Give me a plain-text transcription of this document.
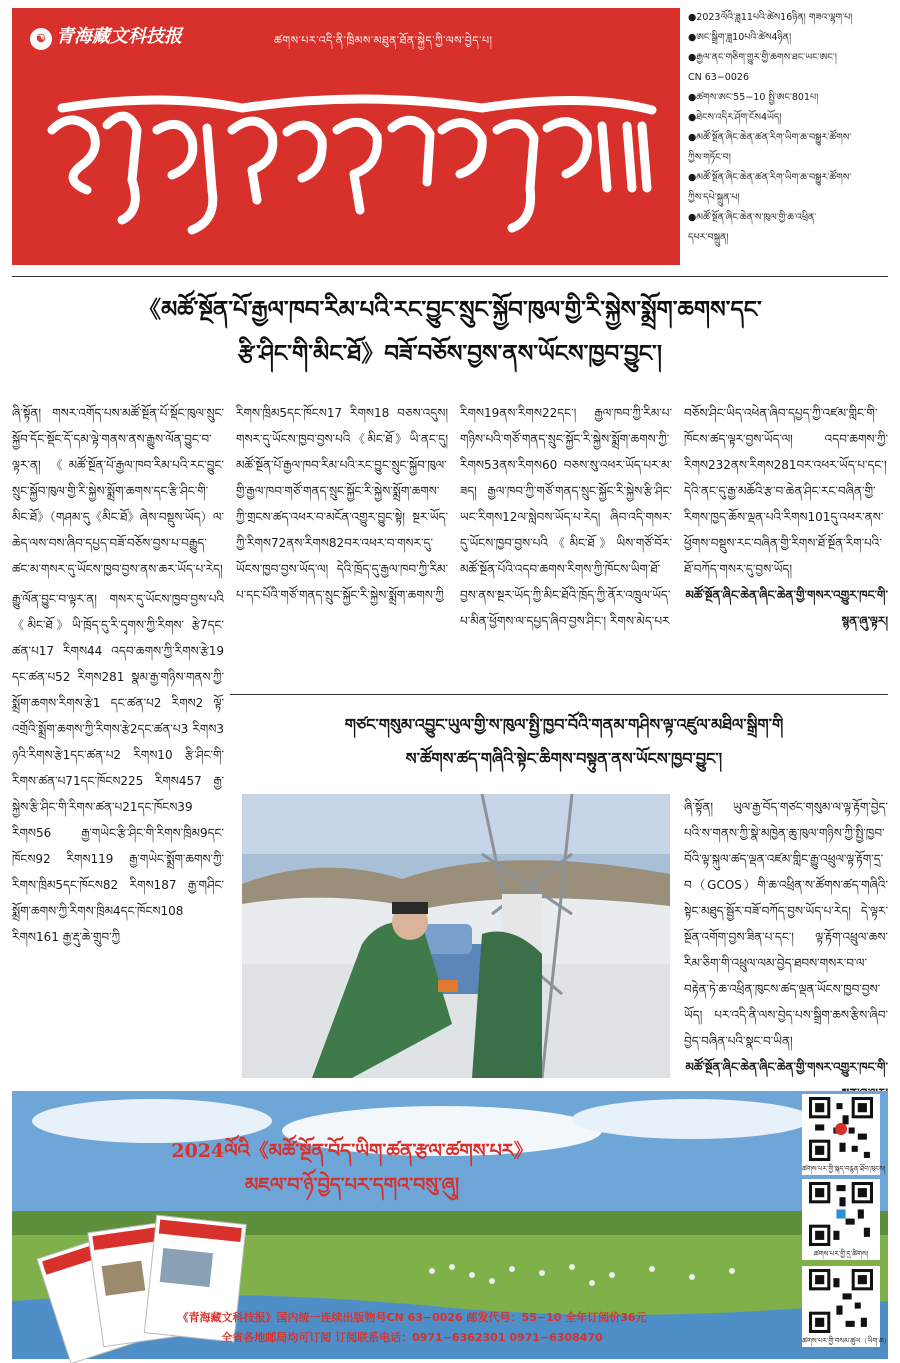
☯ 青海藏文科技报	ཚགས་པར་འདི་ནི་ཁྲིམས་མཐུན་ཐོན་སྐྱེད་ཀྱི་ལས་བྱེད་པ།
●2023ལོའི་ཟླ11པའི་ཚེས16ཉིན། གཟའ་ལྷག་པ།
●ཨང་སྒྲིག་ཟླ10པའི་ཚེས4ཉིན།
●རྒྱལ་ནང་གཅིག་གྱུར་གྱི་ཆགས་ཐང་ཡང་ཨང་།
CN 63−0026
●ཚགས་ཨང་55−10 སྤྱི་ཨང་801པ།
●ཐེངས་འདིར་ཤོག་ངོས4ཡོད།
●མཚོ་སྔོན་ཞིང་ཆེན་ཚན་རིག་ཡིག་ཆ་བསྒྱུར་ཚོགས་
ཀྱིས་གཏོང་བ།
●མཚོ་སྔོན་ཞིང་ཆེན་ཚན་རིག་ཡིག་ཆ་བསྒྱུར་ཚོགས་
ཀྱིས་དཔེ་སྐྲུན་པ།
●མཚོ་སྔོན་ཞིང་ཆེན་ས་ཁུལ་གྱི་ཆ་འཕྲིན་
དཔར་བསྐྲུན།
《མཚོ་སྔོན་པོ་རྒྱལ་ཁབ་རིམ་པའི་རང་བྱུང་སྲུང་སྐྱོབ་ཁུལ་གྱི་རི་སྐྱེས་སྨྲོག་ཆགས་དང་
རྩི་ཤིང་གི་མིང་ཐོ》བཟོ་བཅོས་བྱས་ནས་ཡོངས་ཁྱབ་བྱུང་།

ཞི་སྟོན། གསར་འགོད་པས་མཚོ་སྔོན་པོ་སྡོང་ཁུལ་སྲུང་སྐྱོབ་དོང་སྡོང་དོ་དམ་ལྟེ་གནས་ནས་རྒྱུས་ལོན་བྱུང་བ་ལྟར་ན། 《མཚོ་སྔོན་པོ་རྒྱལ་ཁབ་རིམ་པའི་རང་བྱུང་སྲུང་སྐྱོབ་ཁུལ་གྱི་རི་སྐྱེས་སྨྲོག་ཆགས་དང་རྩི་ཤིང་གི་མིང་ཐོ》（གཤམ་དུ《མིང་ཐོ》ཞེས་བསྡུས་ཡོད）ལ་ཆེད་ལས་བས་ཞིབ་དཔྱད་བཟོ་བཅོས་བྱས་པ་བརྒྱུད་ཚང་མ་གསར་དུ་ཡོངས་ཁྱབ་བྱས་ནས་ཆར་ཡོད་པ་རེད།

རྒྱུ་ལོན་བྱུང་བ་ལྟར་ན། གསར་དུ་ཡོངས་ཁྱབ་བྱས་པའི《མིང་ཐོ》ཡི་ཁྲོད་དུ་རི་དྭགས་ཀྱི་རིགས་ རྩེ7དང་ཚན་པ17 རིགས44 འདབ་ཆགས་ཀྱི་རིགས་རྩེ19 དང་ཚན་པ52 རིགས281 སྣམ་རྒྱ་གཉིས་གནས་ཀྱི་སྨྲོག་ཆགས་རིགས་རྩེ1 དང་ཚན་པ2 རིགས2 ལྟོ་འགྲོའི་སྨྲོག་ཆགས་ཀྱི་རིགས་རྩེ2དང་ཚན་པ3 རིགས3 ཉའི་རིགས་རྩེ1དང་ཚན་པ2 རིགས10 རྩི་ཤིང་གི་རིགས་ཚན་པ71དང་ཁོངས225 རིགས457 རྒྱ་སྐྱེས་རྩི་ཤིང་གི་རིགས་ཚན་པ21དང་ཁོངས39 རིགས56 རྒྱ་གཡེང་རྩི་ཤིང་གི་རིགས་ཁྲིམ9དང་ཁོངས92 རིགས119 རྒྱ་གཡེང་སྨྲོག་ཆགས་ཀྱི་རིགས་ཁྲིམ5དང་ཁོངས82 རིགས187 རྒྱ་གཤིང་སྨྲོག་ཆགས་ཀྱི་རིགས་ཁྲིམ4དང་ཁོངས108 རིགས161 རྒྱ་རྡུ་ཆེ་གྲུབ་ཀྱི

རིགས་ཁྲིམ5དང་ཁོངས17 རིགས18 བཅས་འདུས། གསར་དུ་ཡོངས་ཁྱབ་བྱས་པའི《མིང་ཐོ》ཡི་ནང་དུ། མཚོ་སྔོན་པོ་རྒྱལ་ཁབ་རིམ་པའི་རང་བྱུང་སྲུང་སྐྱོབ་ཁུལ་གྱི་རྒྱལ་ཁབ་གཙོ་གནད་སྲུང་སྐྱོང་རི་སྐྱེས་སྨྲོག་ཆགས་ཀྱི་གྲངས་ཚད་འཕར་བ་མངོན་འགྱུར་བྱུང་སྟེ། སྔར་ཡོད་ཀྱི་རིགས72ནས་རིགས82བར་འཕར་བ་གསར་དུ་ཡོངས་ཁྱབ་བྱས་ཡོད་ལ། དེའི་ཁྲོད་དུ་རྒྱལ་ཁབ་ཀྱི་རིམ་པ་དང་པོའི་གཙོ་གནད་སྲུང་སྐྱོང་རི་སྐྱེས་སྨྲོག་ཆགས་ཀྱི

རིགས19ནས་རིགས22དང་། རྒྱལ་ཁབ་ཀྱི་རིམ་པ་གཉིས་པའི་གཙོ་གནད་སྲུང་སྐྱོང་རི་སྐྱེས་སྨྲོག་ཆགས་ཀྱི་རིགས53ནས་རིགས60 བཅས་སུ་འཕར་ཡོད་པར་མ་ཟད། རྒྱལ་ཁབ་ཀྱི་གཙོ་གནད་སྲུང་སྐྱོང་རི་སྐྱེས་རྩི་ཤིང་ཡང་རིགས12ལ་སླེབས་ཡོད་པ་རེད། ཞིབ་འདི་གསར་དུ་ཡོངས་ཁྱབ་བྱས་པའི《མིང་ཐོ》ཡིས་གཙོ་བོར་མཚོ་སྔོན་པོའི་འདབ་ཆགས་རིགས་ཀྱི་ཁོངས་ཡིག་ཐོ་བྱས་ནས་སྔར་ཡོད་ཀྱི་མིང་ཐོའི་ཁྲོད་ཀྱི་ནོར་འཁྲུལ་ཡོད་པ་མིན་ཕྱོགས་ལ་དཔྱད་ཞིབ་བྱས་ཤིང་། རིགས་མེད་པར

བཅོས་ཤིང་ཡིད་འཕེན་ཞིབ་དཔྱད་ཀྱི་འཛམ་གླིང་གི་ཁོངས་ཚད་ལྟར་བྱས་ཡོད་ལ། འདབ་ཆགས་ཀྱི་རིགས232ནས་རིགས281བར་འཕར་ཡོད་པ་དང་། དེའི་ནང་དུ་རྒྱ་མཆོའི་རྩ་བ་ཆེན་ཤིང་རང་བཞིན་གྱི་རིགས་ཁྱད་ཆོས་ལྡན་པའི་རིགས101དུ་འཕར་ནས་ཕྱོགས་བསྡུས་རང་བཞིན་གྱི་རིགས་ཐོ་སྔོན་རིག་པའི་ཐོ་བཀོད་གསར་དུ་བྱས་ཡོད།

མཚོ་སྔོན་ཞིང་ཆེན་ཞིང་ཆེན་གྱི་གསར་འགྱུར་ཁང་གི་སྙན་ཞུ་ལྟར།

གཙང་གསུམ་འབྱུང་ཡུལ་གྱི་ས་ཁུལ་སྤྱི་ཁྱབ་བོའི་གནམ་གཤིས་ལྟ་འཛུལ་མཐིལ་སྒྲིག་གི
ས་ཚོགས་ཚད་གཞིའི་སྟེང་ཆིགས་བསྟུན་ནས་ཡོངས་ཁྱབ་བྱུང་།

ཞི་སྟོན། ཡུལ་རྒྱ་བོད་གཙང་གསུམ་ལ་ལྟ་རྟོག་བྱེད་པའི་ས་གནས་ཀྱི་སྣེ་མཁྱེན་ཆུ་ཁུལ་གཉིས་ཀྱི་སྤྱི་ཁྱབ་བོའི་ལྟ་སྐུལ་ཚད་ལྡན་འཛམ་གླིང་རྒྱུ་འཕྲུལ་ལྟ་རྟོག་དྲ་བ（GCOS）གི་ཆ་འཕྲིན་ས་ཚོགས་ཚད་གཞིའི་སྟེང་མཐུད་སྦྱོར་བཟོ་བཀོད་བྱས་ཡོད་པ་རེད། དེ་ལྟར་སྔོན་འགོག་བྱས་ཟིན་པ་དང་། ལྟ་རྟོག་འཕྲུལ་ཆས་རིམ་ཅིག་གི་འཕྲུལ་ལམ་བྱེད་ཐབས་གསར་བ་ལ་བརྟེན་ཏེ་ཆ་འཕྲིན་ཁུངས་ཚད་ལྡན་ཡོངས་ཁྱབ་བྱས་ཡོད། པར་འདི་ནི་ལས་བྱེད་པས་སྒྲིག་ཆས་རྩིས་ཞིབ་བྱེད་བཞིན་པའི་སྣང་བ་ཡིན།

མཚོ་སྔོན་ཞིང་ཆེན་ཞིང་ཆེན་གྱི་གསར་འགྱུར་ཁང་གི་

2024ལོའི《མཚོ་སྔོན་བོད་ཡིག་ཚན་རྩལ་ཚགས་པར》
མཇལ་བ་ཉོ་བྱེད་པར་དགའ་བསུ་ཞུ།
《青海藏文科技报》国内统一连续出版物号CN 63−0026 邮发代号：55−10 全年订阅价36元
全省各地邮局均可订阅 订阅联系电话：0971−6362301 0971−6308470
ཚགས་པར་གྱི་སྐད་བརྙན་ཐོབ་ཁུངས།
ཚགས་པར་གྱི་དྲ་ཚིགས།
ཚགས་པར་གྱི་བསམ་ཚུལ（ཡིག་ཆ）
